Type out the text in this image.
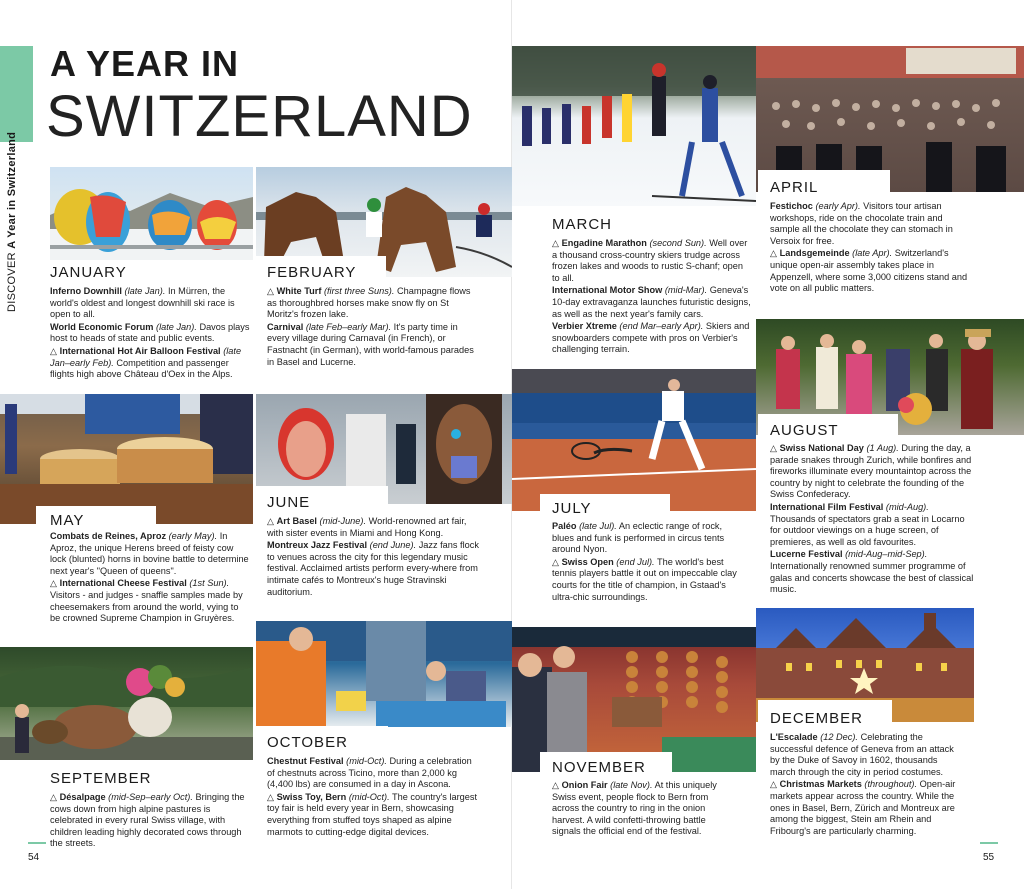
DISCOVER A Year in Switzerland
A YEAR IN
SWITZERLAND
JANUARY

Inferno Downhill (late Jan). In Mürren, the world's oldest and longest downhill ski race is open to all.

World Economic Forum (late Jan). Davos plays host to heads of state and public events.

△ International Hot Air Balloon Festival (late Jan–early Feb). Competition and passenger flights high above Château d'Oex in the Alps.

FEBRUARY

△ White Turf (first three Suns). Champagne flows as thoroughbred horses make snow fly on St Moritz's frozen lake.

Carnival (late Feb–early Mar). It's party time in every village during Carnaval (in French), or Fastnacht (in German), with world-famous parades in Basel and Lucerne.

MARCH

△ Engadine Marathon (second Sun). Well over a thousand cross-country skiers trudge across frozen lakes and woods to rustic S-chanf; open to all.

International Motor Show (mid-Mar). Geneva's 10-day extravaganza launches futuristic designs, as well as the next year's family cars.

Verbier Xtreme (end Mar–early Apr). Skiers and snowboarders compete with pros on Verbier's challenging terrain.

APRIL

Festichoc (early Apr). Visitors tour artisan workshops, ride on the chocolate train and sample all the chocolate they can stomach in Versoix for free.

△ Landsgemeinde (late Apr). Switzerland's unique open-air assembly takes place in Appenzell, where some 3,000 citizens stand and vote on all public matters.

MAY

Combats de Reines, Aproz (early May). In Aproz, the unique Herens breed of feisty cow lock (blunted) horns in bovine battle to determine next year's "Queen of queens".

△ International Cheese Festival (1st Sun). Visitors - and judges - snaffle samples made by cheesemakers from around the world, vying to be crowned Supreme Champion in Gruyères.

JUNE

△ Art Basel (mid-June). World-renowned art fair, with sister events in Miami and Hong Kong.

Montreux Jazz Festival (end June). Jazz fans flock to venues across the city for this legendary music festival. Acclaimed artists perform every-where from intimate cafés to Montreux's huge Stravinski auditorium.

JULY

Paléo (late Jul). An eclectic range of rock, blues and funk is performed in circus tents around Nyon.

△ Swiss Open (end Jul). The world's best tennis players battle it out on impeccable clay courts for the title of champion, in Gstaad's ultra-chic surroundings.

AUGUST

△ Swiss National Day (1 Aug). During the day, a parade snakes through Zurich, while bonfires and fireworks illuminate every mountaintop across the country by night to celebrate the founding of the Swiss Confederacy.

International Film Festival (mid-Aug). Thousands of spectators grab a seat in Locarno for outdoor viewings on a huge screen, of premieres, as well as old favourites.

Lucerne Festival (mid-Aug–mid-Sep). Internationally renowned summer programme of galas and concerts showcase the best of classical music.

SEPTEMBER

△ Désalpage (mid-Sep–early Oct). Bringing the cows down from high alpine pastures is celebrated in every rural Swiss village, with children leading highly decorated cows through the streets.

OCTOBER

Chestnut Festival (mid-Oct). During a celebration of chestnuts across Ticino, more than 2,000 kg (4,400 lbs) are consumed in a day in Ascona.

△ Swiss Toy, Bern (mid-Oct). The country's largest toy fair is held every year in Bern, showcasing everything from stuffed toys shaped as alpine marmots to cutting-edge digital devices.

NOVEMBER

△ Onion Fair (late Nov). At this uniquely Swiss event, people flock to Bern from across the country to ring in the onion harvest. A wild confetti-throwing battle signals the official end of the festival.

DECEMBER

L'Escalade (12 Dec). Celebrating the successful defence of Geneva from an attack by the Duke of Savoy in 1602, thousands march through the city in period costumes.

△ Christmas Markets (throughout). Open-air markets appear across the country. While the ones in Basel, Bern, Zürich and Montreux are among the biggest, Stein am Rhein and Fribourg's are particularly charming.

54	55
